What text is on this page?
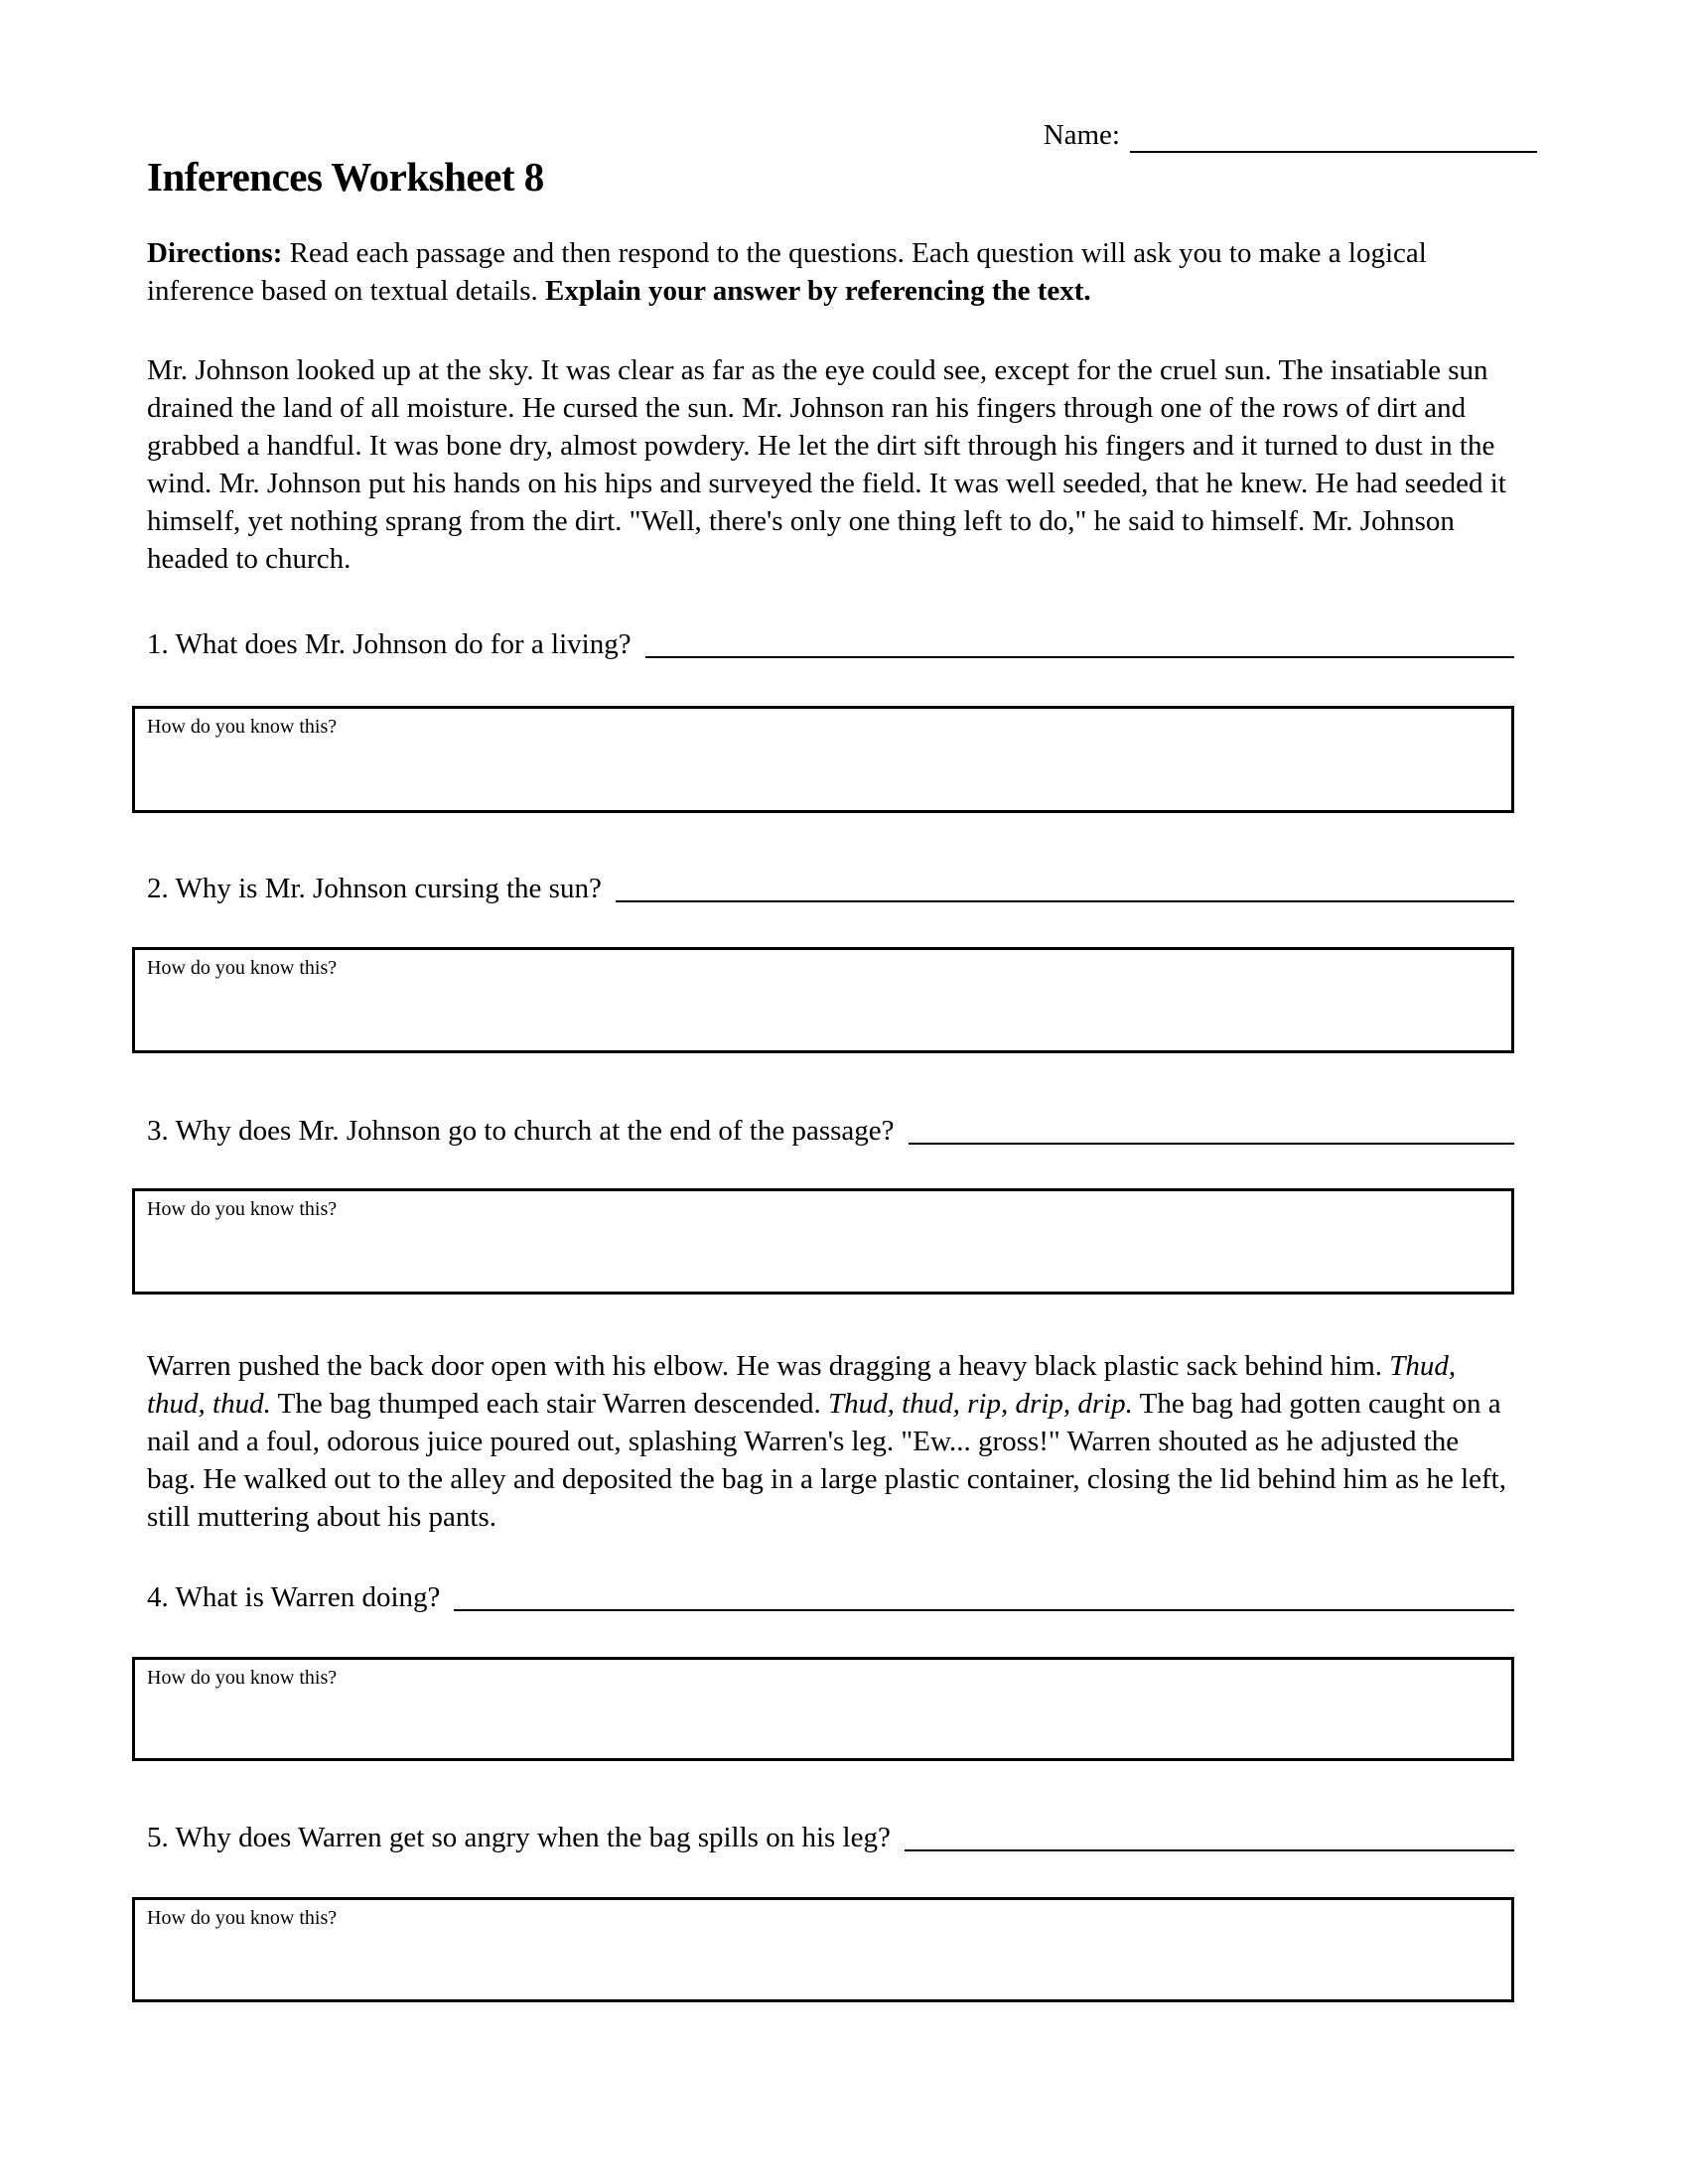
Name:
Inferences Worksheet 8

Directions: Read each passage and then respond to the questions. Each question will ask you to make a logical inference based on textual details. Explain your answer by referencing the text.

Mr. Johnson looked up at the sky. It was clear as far as the eye could see, except for the cruel sun. The insatiable sun drained the land of all moisture. He cursed the sun. Mr. Johnson ran his fingers through one of the rows of dirt and grabbed a handful. It was bone dry, almost powdery. He let the dirt sift through his fingers and it turned to dust in the wind. Mr. Johnson put his hands on his hips and surveyed the field. It was well seeded, that he knew. He had seeded it himself, yet nothing sprang from the dirt. "Well, there's only one thing left to do," he said to himself. Mr. Johnson headed to church.

1. What does Mr. Johnson do for a living?
How do you know this?
2. Why is Mr. Johnson cursing the sun?
How do you know this?
3. Why does Mr. Johnson go to church at the end of the passage?
How do you know this?

Warren pushed the back door open with his elbow. He was dragging a heavy black plastic sack behind him. Thud, thud, thud. The bag thumped each stair Warren descended. Thud, thud, rip, drip, drip. The bag had gotten caught on a nail and a foul, odorous juice poured out, splashing Warren's leg. "Ew... gross!" Warren shouted as he adjusted the bag. He walked out to the alley and deposited the bag in a large plastic container, closing the lid behind him as he left, still muttering about his pants.

4. What is Warren doing?
How do you know this?
5. Why does Warren get so angry when the bag spills on his leg?
How do you know this?
